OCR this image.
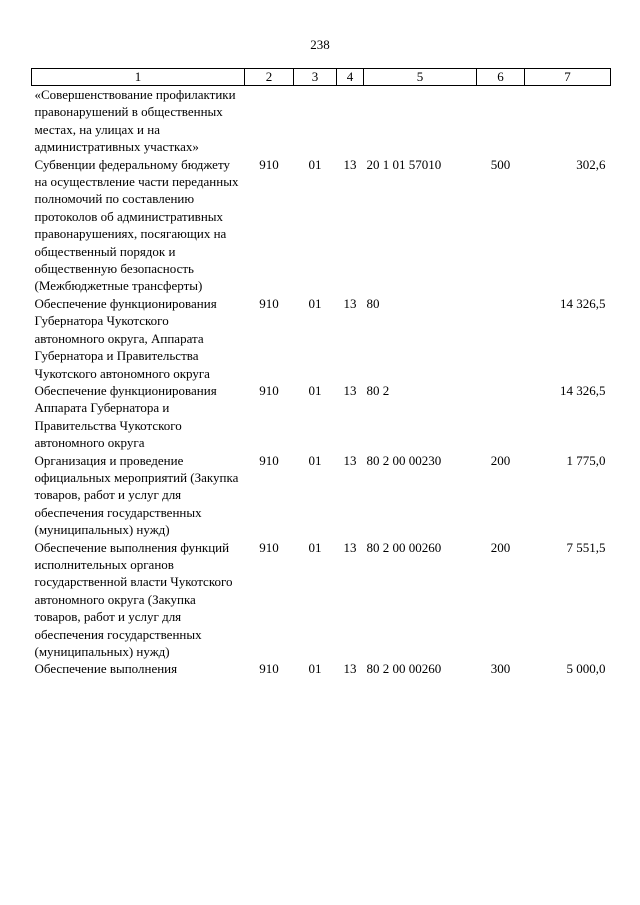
238
1	2	3	4	5	6	7
«Совершенствование профилактики правонарушений в общественных местах, на улицах и на административных участках»						
Субвенции федеральному бюджету на осуществление части переданных полномочий по составлению протоколов об административных правонарушениях, посягающих на общественный порядок и общественную безопасность (Межбюджетные трансферты)	910	01	13	20 1 01 57010	500	302,6
Обеспечение функционирования Губернатора Чукотского автономного округа, Аппарата Губернатора и Правительства Чукотского автономного округа	910	01	13	80		14 326,5
Обеспечение функционирования Аппарата Губернатора и Правительства Чукотского автономного округа	910	01	13	80 2		14 326,5
Организация и проведение официальных мероприятий (Закупка товаров, работ и услуг для обеспечения государственных (муниципальных) нужд)	910	01	13	80 2 00 00230	200	1 775,0
Обеспечение выполнения функций исполнительных органов государственной власти Чукотского автономного округа (Закупка товаров, работ и услуг для обеспечения государственных (муниципальных) нужд)	910	01	13	80 2 00 00260	200	7 551,5
Обеспечение выполнения	910	01	13	80 2 00 00260	300	5 000,0
